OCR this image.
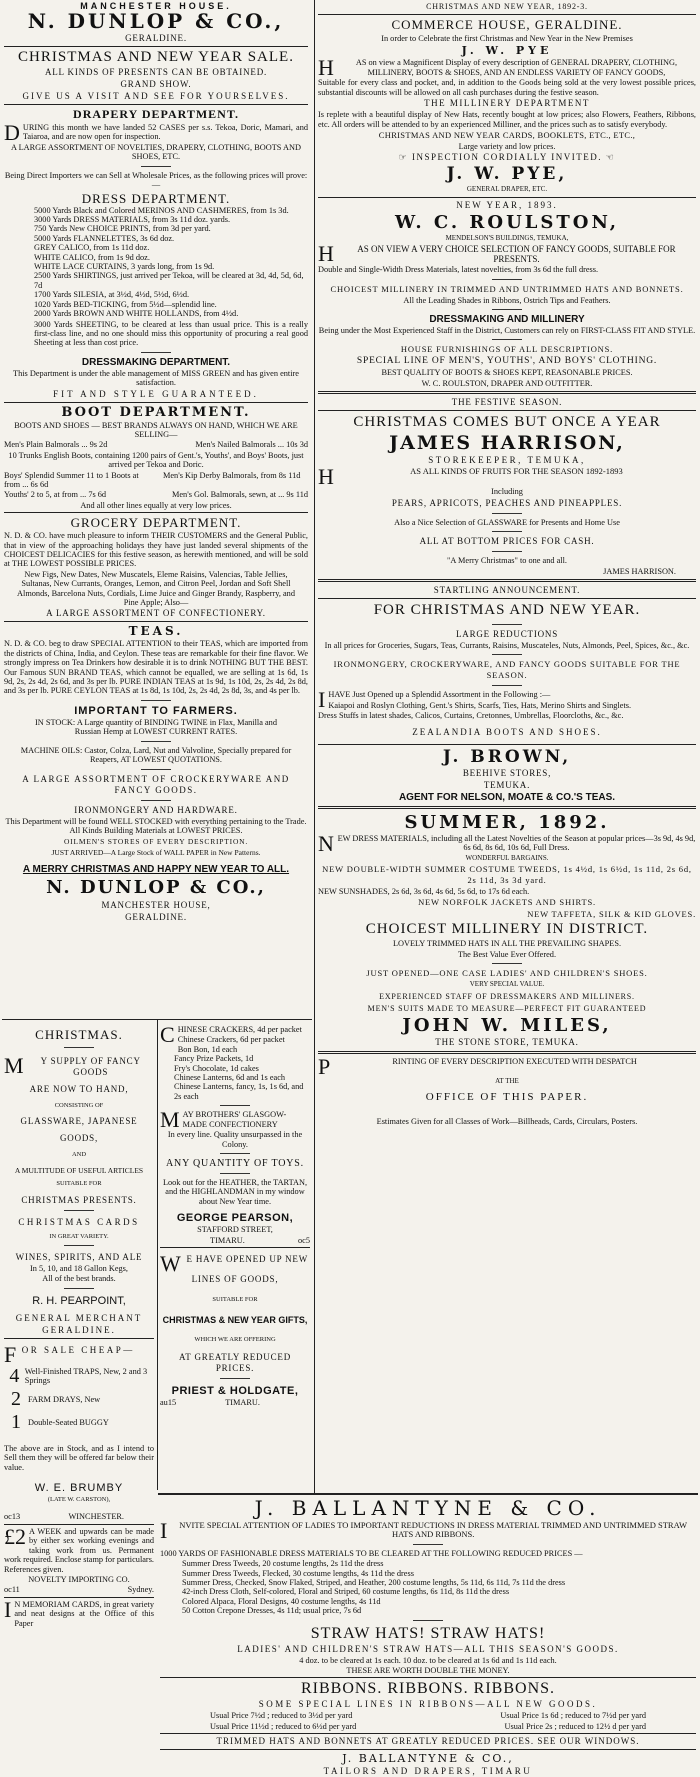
MANCHESTER HOUSE.
N. DUNLOP & CO.,
GERALDINE.
CHRISTMAS AND NEW YEAR SALE.
ALL KINDS OF PRESENTS CAN BE OBTAINED.
GRAND SHOW.
GIVE US A VISIT AND SEE FOR YOURSELVES.
DRAPERY DEPARTMENT.
DURING this month we have landed 52 CASES per s.s. Tekoa, Doric, Mamari, and Taiaroa, and are now open for inspection.
A LARGE ASSORTMENT OF NOVELTIES, DRAPERY, CLOTHING, BOOTS AND SHOES, ETC.
Being Direct Importers we can Sell at Wholesale Prices, as the following prices will prove:—
DRESS DEPARTMENT.
5000 Yards Black and Colored MERINOS AND CASHMERES, from 1s 3d.
3000 Yards DRESS MATERIALS, from 3s 11d doz. yards.
750 Yards New CHOICE PRINTS, from 3d per yard.
5000 Yards FLANNELETTES, 3s 6d doz.
GREY CALICO, from 1s 11d doz.
WHITE CALICO, from 1s 9d doz.
WHITE LACE CURTAINS, 3 yards long, from 1s 9d.
2500 Yards SHIRTINGS, just arrived per Tekoa, will be cleared at 3d, 4d, 5d, 6d, 7d
1700 Yards SILESIA, at 3½d, 4½d, 5½d, 6½d.
1020 Yards BED-TICKING, from 5½d—splendid line.
2000 Yards BROWN AND WHITE HOLLANDS, from 4½d.
3000 Yards SHEETING, to be cleared at less than usual price. This is a really first-class line, and no one should miss this opportunity of procuring a real good Sheeting at less than cost price.
DRESSMAKING DEPARTMENT.
This Department is under the able management of MISS GREEN and has given entire satisfaction.
FIT AND STYLE GUARANTEED.
BOOT DEPARTMENT.
BOOTS AND SHOES — BEST BRANDS ALWAYS ON HAND, WHICH WE ARE SELLING—
Men's Plain Balmorals ... 9s 2d	Men's Nailed Balmorals ... 10s 3d
10 Trunks English Boots, containing 1200 pairs of Gent.'s, Youths', and Boys' Boots, just arrived per Tekoa and Doric.
Boys' Splendid Summer 11 to 1 Boots at from ... 6s 6d
Men's Kip Derby Balmorals, from 8s 11d
Youths' 2 to 5, at from ... 7s 6d	Men's Gol. Balmorals, sewn, at ... 9s 11d
And all other lines equally at very low prices.
GROCERY DEPARTMENT.
N. D. & CO. have much pleasure to inform THEIR CUSTOMERS and the General Public, that in view of the approaching holidays they have just landed several shipments of the CHOICEST DELICACIES for this festive season, as herewith mentioned, and will be sold at THE LOWEST POSSIBLE PRICES.
New Figs, New Dates, New Muscatels, Eleme Raisins, Valencias, Table Jellies, Sultanas, New Currants, Oranges, Lemon, and Citron Peel, Jordan and Soft Shell Almonds, Barcelona Nuts, Cordials, Lime Juice and Ginger Brandy, Raspberry, and Pine Apple; Also—
A LARGE ASSORTMENT OF CONFECTIONERY.
TEAS.
N. D. & CO. beg to draw SPECIAL ATTENTION to their TEAS, which are imported from the districts of China, India, and Ceylon. These teas are remarkable for their fine flavor. We strongly impress on Tea Drinkers how desirable it is to drink NOTHING BUT THE BEST. Our Famous SUN BRAND TEAS, which cannot be equalled, we are selling at 1s 6d, 1s 9d, 2s, 2s 4d, 2s 6d, and 3s per lb. PURE INDIAN TEAS at 1s 9d, 1s 10d, 2s, 2s 4d, 2s 8d, and 3s per lb. PURE CEYLON TEAS at 1s 8d, 1s 10d, 2s, 2s 4d, 2s 8d, 3s, and 4s per lb.
IMPORTANT TO FARMERS.
IN STOCK: A Large quantity of BINDING TWINE in Flax, Manilla and Russian Hemp at LOWEST CURRENT RATES.
MACHINE OILS: Castor, Colza, Lard, Nut and Valvoline, Specially prepared for Reapers, AT LOWEST QUOTATIONS.
A LARGE ASSORTMENT OF CROCKERYWARE AND FANCY GOODS.
IRONMONGERY AND HARDWARE.
This Department will be found WELL STOCKED with everything pertaining to the Trade. All Kinds Building Materials at LOWEST PRICES.
OILMEN'S STORES OF EVERY DESCRIPTION.
JUST ARRIVED—A Large Stock of WALL PAPER in New Patterns.
A MERRY CHRISTMAS AND HAPPY NEW YEAR TO ALL.
N. DUNLOP & CO.,
MANCHESTER HOUSE,
GERALDINE.
CHRISTMAS.
M Y SUPPLY OF FANCY GOODS
ARE NOW TO HAND,
CONSISTING OF
GLASSWARE, JAPANESE
GOODS,
AND
A MULTITUDE OF USEFUL ARTICLES
SUITABLE FOR
CHRISTMAS PRESENTS.
CHRISTMAS CARDS
IN GREAT VARIETY.
WINES, SPIRITS, AND ALE
In 5, 10, and 18 Gallon Kegs,
All of the best brands.
R. H. PEARPOINT,
GENERAL MERCHANT
GERALDINE.
FOR SALE CHEAP—
4 Well-Finished TRAPS, New, 2 and 3 Springs
2 FARM DRAYS, New
1 Double-Seated BUGGY
The above are in Stock, and as I intend to Sell them they will be offered far below their value.
W. E. BRUMBY
(LATE W. CARSTON),
oc13	WINCHESTER.
£2 A WEEK and upwards can be made by either sex working evenings and taking work from us. Permanent work required. Enclose stamp for particulars. References given.
NOVELTY IMPORTING CO.
oc11	Sydney.
I N MEMORIAM CARDS, in great variety and neat designs at the Office of this Paper
CHINESE CRACKERS, 4d per packet
Chinese Crackers, 6d per packet
Bon Bon, 1d each
Fancy Prize Packets, 1d
Fry's Chocolate, 1d cakes
Chinese Lanterns, 6d and 1s each
Chinese Lanterns, fancy, 1s, 1s 6d, and 2s each
MAY BROTHERS' GLASGOW-MADE CONFECTIONERY
In every line. Quality unsurpassed in the Colony.
ANY QUANTITY OF TOYS.
Look out for the HEATHER, the TARTAN, and the HIGHLANDMAN in my window about New Year time.
GEORGE PEARSON,
STAFFORD STREET,
TIMARU.	oc5
W E HAVE OPENED UP NEW
LINES OF GOODS,
SUITABLE FOR
CHRISTMAS & NEW YEAR GIFTS,
WHICH WE ARE OFFERING
AT GREATLY REDUCED PRICES.
PRIEST & HOLDGATE,
au15	TIMARU.
CHRISTMAS AND NEW YEAR, 1892-3.
COMMERCE HOUSE, GERALDINE.
In order to Celebrate the first Christmas and New Year in the New Premises
J. W. PYE
H	AS on view a Magnificent Display of every description of GENERAL DRAPERY, CLOTHING, MILLINERY, BOOTS & SHOES, AND AN ENDLESS VARIETY OF FANCY GOODS,
Suitable for every class and pocket, and, in addition to the Goods being sold at the very lowest possible prices, substantial discounts will be allowed on all cash purchases during the festive season.
THE MILLINERY DEPARTMENT
Is replete with a beautiful display of New Hats, recently bought at low prices; also Flowers, Feathers, Ribbons, etc. All orders will be attended to by an experienced Milliner, and the prices such as to satisfy everybody.
CHRISTMAS AND NEW YEAR CARDS, BOOKLETS, ETC., ETC.,
Large variety and low prices.
☞ INSPECTION CORDIALLY INVITED. ☜
J. W. PYE,
GENERAL DRAPER, ETC.
NEW YEAR, 1893.
W. C. ROULSTON,
MENDELSON'S BUILDINGS, TEMUKA,
H	AS ON VIEW A VERY CHOICE SELECTION OF FANCY GOODS, SUITABLE FOR PRESENTS.
Double and Single-Width Dress Materials, latest novelties, from 3s 6d the full dress.
CHOICEST MILLINERY IN TRIMMED AND UNTRIMMED HATS AND BONNETS.
All the Leading Shades in Ribbons, Ostrich Tips and Feathers.
DRESSMAKING AND MILLINERY
Being under the Most Experienced Staff in the District, Customers can rely on FIRST-CLASS FIT AND STYLE.
HOUSE FURNISHINGS OF ALL DESCRIPTIONS.
SPECIAL LINE OF MEN'S, YOUTHS', AND BOYS' CLOTHING.
BEST QUALITY OF BOOTS & SHOES KEPT, REASONABLE PRICES.
W. C. ROULSTON, DRAPER AND OUTFITTER.
THE FESTIVE SEASON.
CHRISTMAS COMES BUT ONCE A YEAR
JAMES HARRISON,
STOREKEEPER, TEMUKA,
H	AS ALL KINDS OF FRUITS FOR THE SEASON 1892-1893
Including
PEARS, APRICOTS, PEACHES AND PINEAPPLES.
Also a Nice Selection of GLASSWARE for Presents and Home Use
ALL AT BOTTOM PRICES FOR CASH.
"A Merry Christmas" to one and all.
JAMES HARRISON.
STARTLING ANNOUNCEMENT.
FOR CHRISTMAS AND NEW YEAR.
LARGE REDUCTIONS
In all prices for Groceries, Sugars, Teas, Currants, Raisins, Muscateles, Nuts, Almonds, Peel, Spices, &c., &c.
IRONMONGERY, CROCKERYWARE, AND FANCY GOODS SUITABLE FOR THE SEASON.
IHAVE Just Opened up a Splendid Assortment in the Following :—
Kaiapoi and Roslyn Clothing, Gent.'s Shirts, Scarfs, Ties, Hats, Merino Shirts and Singlets.
Dress Stuffs in latest shades, Calicos, Curtains, Cretonnes, Umbrellas, Floorcloths, &c., &c.
ZEALANDIA BOOTS AND SHOES.
J. BROWN,
BEEHIVE STORES,
TEMUKA.
AGENT FOR NELSON, MOATE & CO.'S TEAS.
SUMMER, 1892.
NEW DRESS MATERIALS, including all the Latest Novelties of the Season at popular prices—3s 9d, 4s 9d, 6s 6d, 8s 6d, 10s 6d, Full Dress.
WONDERFUL BARGAINS.
NEW DOUBLE-WIDTH SUMMER COSTUME TWEEDS, 1s 4½d, 1s 6½d, 1s 11d, 2s 6d, 2s 11d, 3s 3d yard.
NEW SUNSHADES, 2s 6d, 3s 6d, 4s 6d, 5s 6d, to 17s 6d each.
NEW NORFOLK JACKETS AND SHIRTS.
NEW TAFFETA, SILK & KID GLOVES.
CHOICEST MILLINERY IN DISTRICT.
LOVELY TRIMMED HATS IN ALL THE PREVAILING SHAPES.
The Best Value Ever Offered.
JUST OPENED—ONE CASE LADIES' AND CHILDREN'S SHOES.
VERY SPECIAL VALUE.
EXPERIENCED STAFF OF DRESSMAKERS AND MILLINERS.
MEN'S SUITS MADE TO MEASURE—PERFECT FIT GUARANTEED
JOHN W. MILES,
THE STONE STORE, TEMUKA.
P	RINTING OF EVERY DESCRIPTION EXECUTED WITH DESPATCH
AT THE
OFFICE OF THIS PAPER.
Estimates Given for all Classes of Work—Billheads, Cards, Circulars, Posters.
J. BALLANTYNE & CO.
I NVITE SPECIAL ATTENTION OF LADIES TO IMPORTANT REDUCTIONS IN DRESS MATERIAL TRIMMED AND UNTRIMMED STRAW HATS AND RIBBONS.
1000 YARDS OF FASHIONABLE DRESS MATERIALS TO BE CLEARED AT THE FOLLOWING REDUCED PRICES —
Summer Dress Tweeds, 20 costume lengths, 2s 11d the dress
Summer Dress Tweeds, Flecked, 30 costume lengths, 4s 11d the dress
Summer Dress, Checked, Snow Flaked, Striped, and Heather, 200 costume lengths, 5s 11d, 6s 11d, 7s 11d the dress
42-inch Dress Cloth, Self-colored, Floral and Striped, 60 costume lengths, 6s 11d, 8s 11d the dress
Colored Alpaca, Floral Designs, 40 costume lengths, 4s 11d
50 Cotton Crepone Dresses, 4s 11d; usual price, 7s 6d
STRAW HATS! STRAW HATS!
LADIES' AND CHILDREN'S STRAW HATS—ALL THIS SEASON'S GOODS.
4 doz. to be cleared at 1s each. 10 doz. to be cleared at 1s 6d and 1s 11d each.
THESE ARE WORTH DOUBLE THE MONEY.
RIBBONS. RIBBONS. RIBBONS.
SOME SPECIAL LINES IN RIBBONS—ALL NEW GOODS.
Usual Price 7½d ; reduced to 3½d per yard	Usual Price 1s 6d ; reduced to 7½d per yard
Usual Price 11½d ; reduced to 6½d per yard	Usual Price 2s ; reduced to 12½ d per yard
TRIMMED HATS AND BONNETS AT GREATLY REDUCED PRICES. SEE OUR WINDOWS.
J. BALLANTYNE & CO.,
TAILORS AND DRAPERS, TIMARU
